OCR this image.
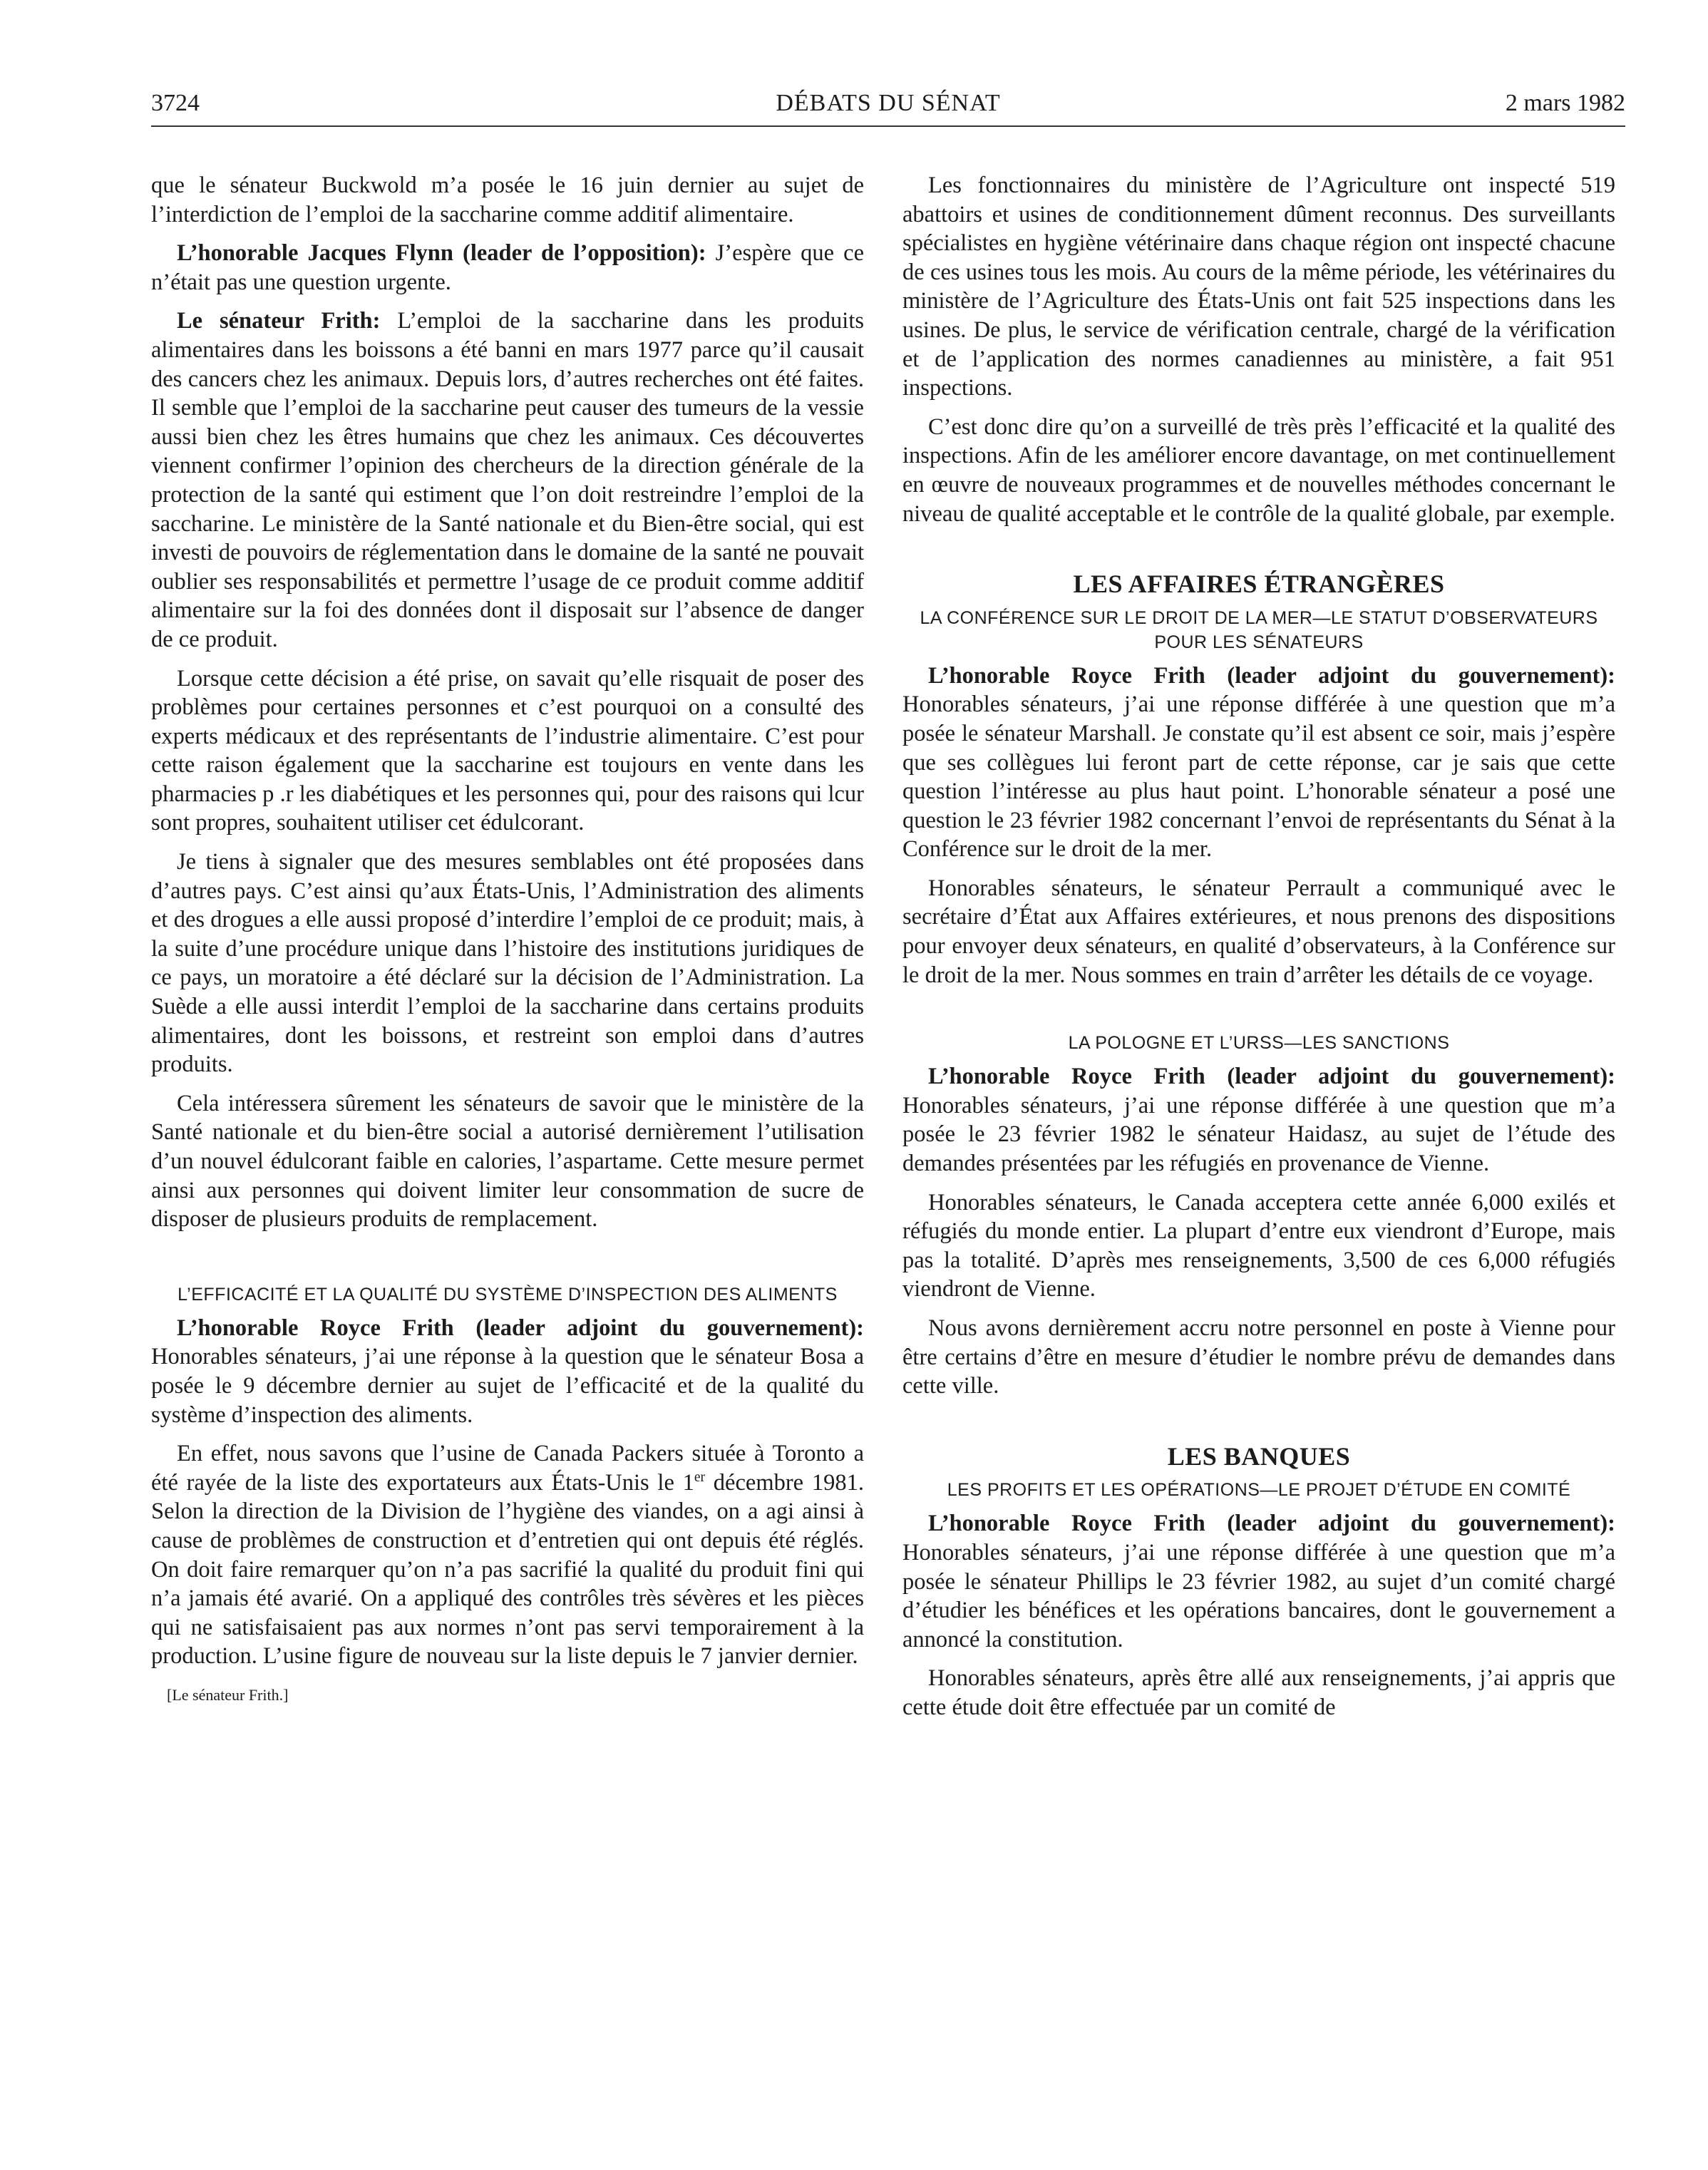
3724	DÉBATS DU SÉNAT	2 mars 1982

que le sénateur Buckwold m’a posée le 16 juin dernier au sujet de l’interdiction de l’emploi de la saccharine comme additif alimentaire.

L’honorable Jacques Flynn (leader de l’opposition): J’espère que ce n’était pas une question urgente.

Le sénateur Frith: L’emploi de la saccharine dans les produits alimentaires dans les boissons a été banni en mars 1977 parce qu’il causait des cancers chez les animaux. Depuis lors, d’autres recherches ont été faites. Il semble que l’emploi de la saccharine peut causer des tumeurs de la vessie aussi bien chez les êtres humains que chez les animaux. Ces découvertes viennent confirmer l’opinion des chercheurs de la direction générale de la protection de la santé qui estiment que l’on doit restreindre l’emploi de la saccharine. Le ministère de la Santé nationale et du Bien-être social, qui est investi de pouvoirs de réglementation dans le domaine de la santé ne pouvait oublier ses responsabilités et permettre l’usage de ce produit comme additif alimentaire sur la foi des données dont il disposait sur l’absence de danger de ce produit.

Lorsque cette décision a été prise, on savait qu’elle risquait de poser des problèmes pour certaines personnes et c’est pourquoi on a consulté des experts médicaux et des représentants de l’industrie alimentaire. C’est pour cette raison également que la saccharine est toujours en vente dans les pharmacies p .r les diabétiques et les personnes qui, pour des raisons qui lcur sont propres, souhaitent utiliser cet édulcorant.

Je tiens à signaler que des mesures semblables ont été proposées dans d’autres pays. C’est ainsi qu’aux États-Unis, l’Administration des aliments et des drogues a elle aussi proposé d’interdire l’emploi de ce produit; mais, à la suite d’une procédure unique dans l’histoire des institutions juridiques de ce pays, un moratoire a été déclaré sur la décision de l’Administration. La Suède a elle aussi interdit l’emploi de la saccharine dans certains produits alimentaires, dont les boissons, et restreint son emploi dans d’autres produits.

Cela intéressera sûrement les sénateurs de savoir que le ministère de la Santé nationale et du bien-être social a autorisé dernièrement l’utilisation d’un nouvel édulcorant faible en calories, l’aspartame. Cette mesure permet ainsi aux personnes qui doivent limiter leur consommation de sucre de disposer de plusieurs produits de remplacement.

L’EFFICACITÉ ET LA QUALITÉ DU SYSTÈME D’INSPECTION DES ALIMENTS

L’honorable Royce Frith (leader adjoint du gouvernement): Honorables sénateurs, j’ai une réponse à la question que le sénateur Bosa a posée le 9 décembre dernier au sujet de l’efficacité et de la qualité du système d’inspection des aliments.

En effet, nous savons que l’usine de Canada Packers située à Toronto a été rayée de la liste des exportateurs aux États-Unis le 1er décembre 1981. Selon la direction de la Division de l’hygiène des viandes, on a agi ainsi à cause de problèmes de construction et d’entretien qui ont depuis été réglés. On doit faire remarquer qu’on n’a pas sacrifié la qualité du produit fini qui n’a jamais été avarié. On a appliqué des contrôles très sévères et les pièces qui ne satisfaisaient pas aux normes n’ont pas servi temporairement à la production. L’usine figure de nouveau sur la liste depuis le 7 janvier dernier.

[Le sénateur Frith.]

Les fonctionnaires du ministère de l’Agriculture ont inspecté 519 abattoirs et usines de conditionnement dûment reconnus. Des surveillants spécialistes en hygiène vétérinaire dans chaque région ont inspecté chacune de ces usines tous les mois. Au cours de la même période, les vétérinaires du ministère de l’Agriculture des États-Unis ont fait 525 inspections dans les usines. De plus, le service de vérification centrale, chargé de la vérification et de l’application des normes canadiennes au ministère, a fait 951 inspections.

C’est donc dire qu’on a surveillé de très près l’efficacité et la qualité des inspections. Afin de les améliorer encore davantage, on met continuellement en œuvre de nouveaux programmes et de nouvelles méthodes concernant le niveau de qualité acceptable et le contrôle de la qualité globale, par exemple.

LES AFFAIRES ÉTRANGÈRES
LA CONFÉRENCE SUR LE DROIT DE LA MER—LE STATUT D’OBSERVATEURS POUR LES SÉNATEURS

L’honorable Royce Frith (leader adjoint du gouvernement): Honorables sénateurs, j’ai une réponse différée à une question que m’a posée le sénateur Marshall. Je constate qu’il est absent ce soir, mais j’espère que ses collègues lui feront part de cette réponse, car je sais que cette question l’intéresse au plus haut point. L’honorable sénateur a posé une question le 23 février 1982 concernant l’envoi de représentants du Sénat à la Conférence sur le droit de la mer.

Honorables sénateurs, le sénateur Perrault a communiqué avec le secrétaire d’État aux Affaires extérieures, et nous prenons des dispositions pour envoyer deux sénateurs, en qualité d’observateurs, à la Conférence sur le droit de la mer. Nous sommes en train d’arrêter les détails de ce voyage.

LA POLOGNE ET L’URSS—LES SANCTIONS

L’honorable Royce Frith (leader adjoint du gouvernement): Honorables sénateurs, j’ai une réponse différée à une question que m’a posée le 23 février 1982 le sénateur Haidasz, au sujet de l’étude des demandes présentées par les réfugiés en provenance de Vienne.

Honorables sénateurs, le Canada acceptera cette année 6,000 exilés et réfugiés du monde entier. La plupart d’entre eux viendront d’Europe, mais pas la totalité. D’après mes renseignements, 3,500 de ces 6,000 réfugiés viendront de Vienne.

Nous avons dernièrement accru notre personnel en poste à Vienne pour être certains d’être en mesure d’étudier le nombre prévu de demandes dans cette ville.

LES BANQUES
LES PROFITS ET LES OPÉRATIONS—LE PROJET D’ÉTUDE EN COMITÉ

L’honorable Royce Frith (leader adjoint du gouvernement): Honorables sénateurs, j’ai une réponse différée à une question que m’a posée le sénateur Phillips le 23 février 1982, au sujet d’un comité chargé d’étudier les bénéfices et les opérations bancaires, dont le gouvernement a annoncé la constitution.

Honorables sénateurs, après être allé aux renseignements, j’ai appris que cette étude doit être effectuée par un comité de
